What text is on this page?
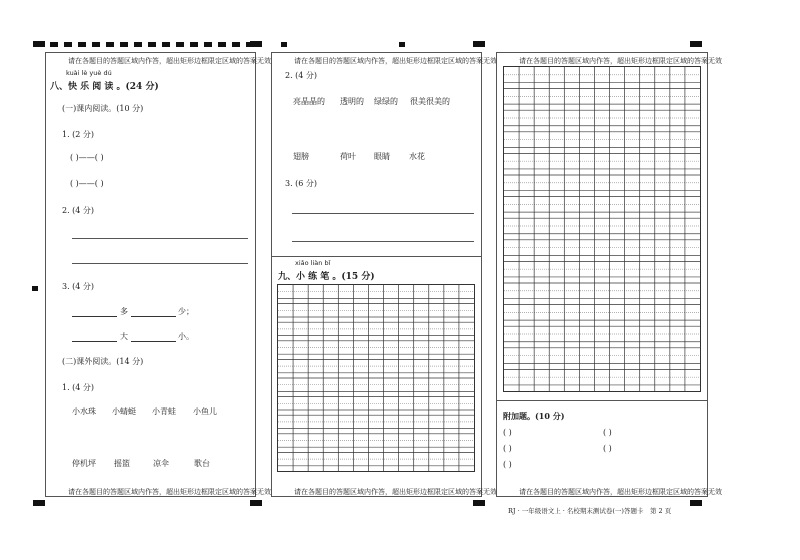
请在各题目的答题区域内作答，超出矩形边框限定区域的答案无效
kuài lè yuè dú
八、快 乐 阅 读 。(24 分)
(一)课内阅读。(10 分)
1. (2 分)
( )——( )
( )——( )
2. (4 分)
3. (4 分)
多	少；
大	小。
(二)课外阅读。(14 分)
1. (4 分)
小水珠 小蜻蜓 小青蛙 小鱼儿
停机坪 摇篮	凉伞	歌台
请在各题目的答题区域内作答，超出矩形边框限定区域的答案无效
请在各题目的答题区域内作答，超出矩形边框限定区域的答案无效
2. (4 分)
亮晶晶的 透明的 绿绿的 很美很美的
翅膀	荷叶 眼睛 水花
3. (6 分)
xiǎo liàn bǐ
九、小 练 笔 。(15 分)
请在各题目的答题区域内作答，超出矩形边框限定区域的答案无效
请在各题目的答题区域内作答，超出矩形边框限定区域的答案无效
附加题。(10 分)
( )	( )
( )	( )
( )
请在各题目的答题区域内作答，超出矩形边框限定区域的答案无效
RJ · 一年级语文上 · 名校期末测试卷(一)答题卡　第 2 页
